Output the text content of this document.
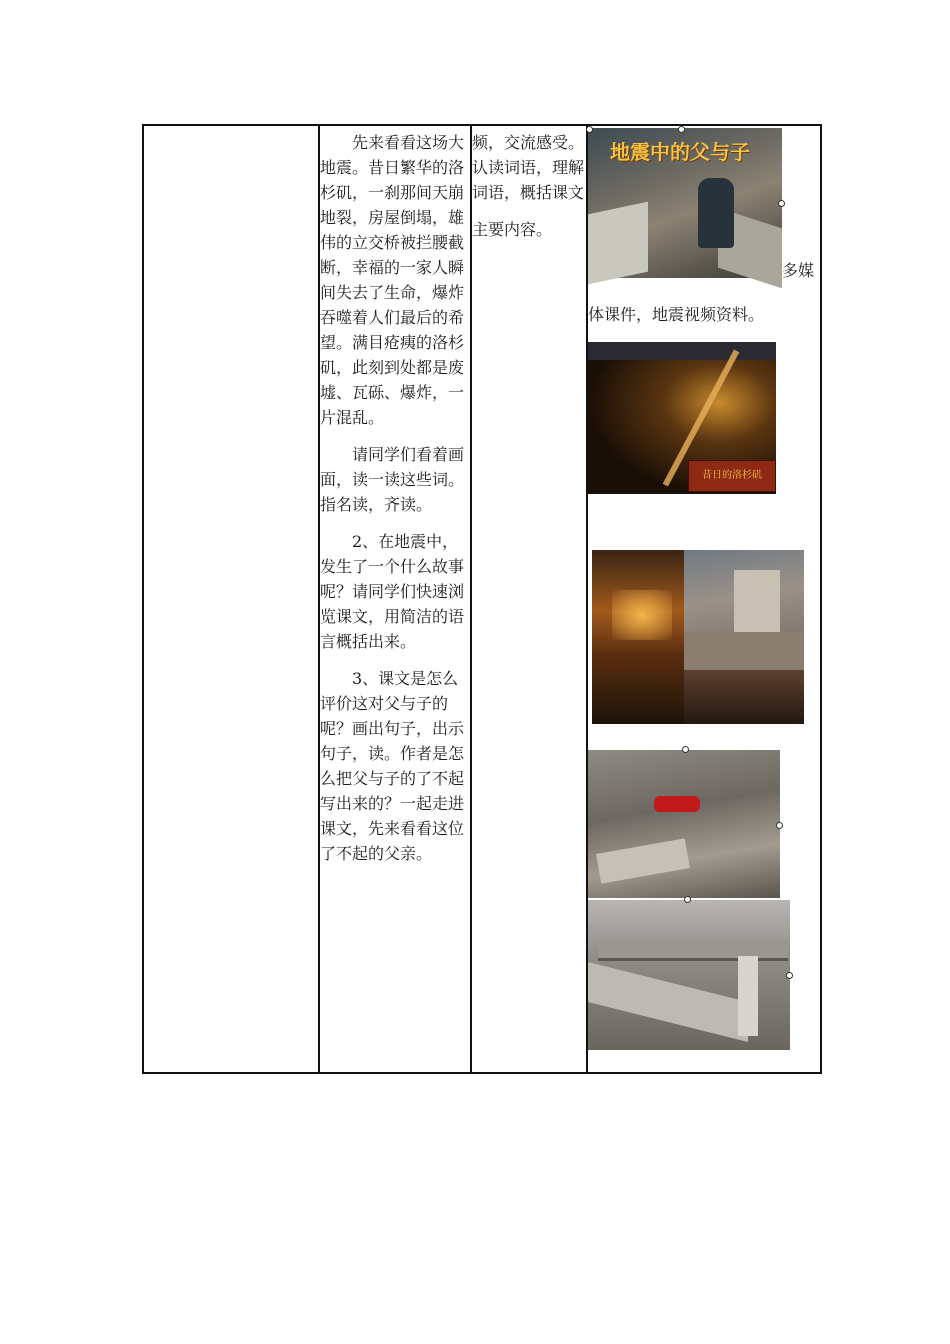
先来看看这场大地震。昔日繁华的洛杉矶，一刹那间天崩地裂，房屋倒塌，雄伟的立交桥被拦腰截断，幸福的一家人瞬间失去了生命，爆炸吞噬着人们最后的希望。满目疮痍的洛杉矶，此刻到处都是废墟、瓦砾、爆炸，一片混乱。

请同学们看着画面，读一读这些词。指名读，齐读。

2、在地震中，发生了一个什么故事呢？请同学们快速浏览课文，用简洁的语言概括出来。

3、课文是怎么评价这对父与子的呢？画出句子，出示句子，读。作者是怎么把父与子的了不起写出来的？一起走进课文，先来看看这位了不起的父亲。

频，交流感受。认读词语，理解词语，概括课文

主要内容。

地震中的父与子
多媒
体课件，地震视频资料。
昔日的洛杉矶
